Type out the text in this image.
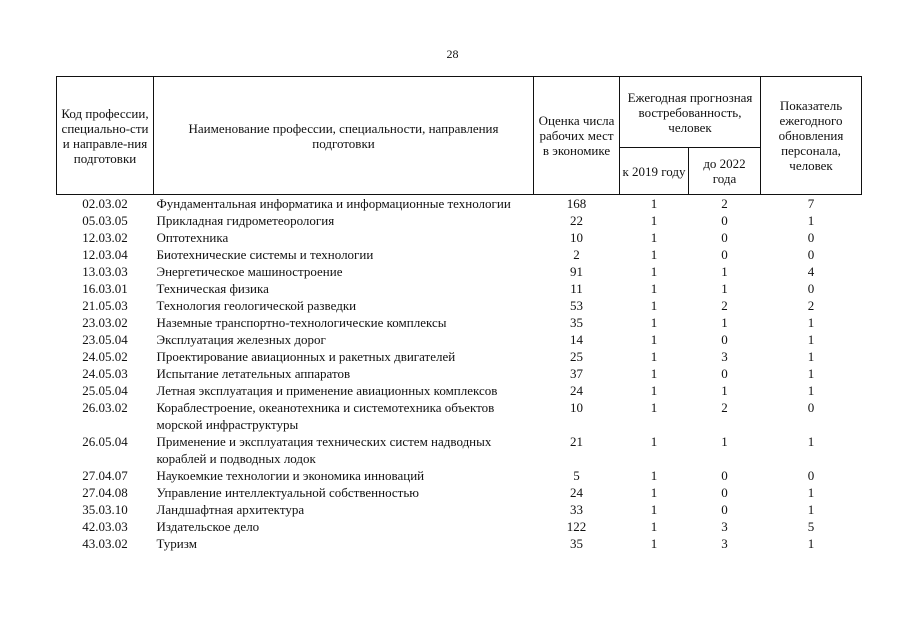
28
Код профессии, специально-сти и направле-ния подготовки	Наименование профессии, специальности, направления подготовки	Оценка числа рабочих мест в экономике	Ежегодная прогнозная востребованность, человек		Показатель ежегодного обновления персонала, человек
			к 2019 году	до 2022 года	
02.03.02	Фундаментальная информатика и информационные технологии	168	1	2	7
05.03.05	Прикладная гидрометеорология	22	1	0	1
12.03.02	Оптотехника	10	1	0	0
12.03.04	Биотехнические системы и технологии	2	1	0	0
13.03.03	Энергетическое машиностроение	91	1	1	4
16.03.01	Техническая физика	11	1	1	0
21.05.03	Технология геологической разведки	53	1	2	2
23.03.02	Наземные транспортно-технологические комплексы	35	1	1	1
23.05.04	Эксплуатация железных дорог	14	1	0	1
24.05.02	Проектирование авиационных и ракетных двигателей	25	1	3	1
24.05.03	Испытание летательных аппаратов	37	1	0	1
25.05.04	Летная эксплуатация и применение авиационных комплексов	24	1	1	1
26.03.02	Кораблестроение, океанотехника и системотехника объектов морской инфраструктуры	10	1	2	0
26.05.04	Применение и эксплуатация технических систем надводных кораблей и подводных лодок	21	1	1	1
27.04.07	Наукоемкие технологии и экономика инноваций	5	1	0	0
27.04.08	Управление интеллектуальной собственностью	24	1	0	1
35.03.10	Ландшафтная архитектура	33	1	0	1
42.03.03	Издательское дело	122	1	3	5
43.03.02	Туризм	35	1	3	1
